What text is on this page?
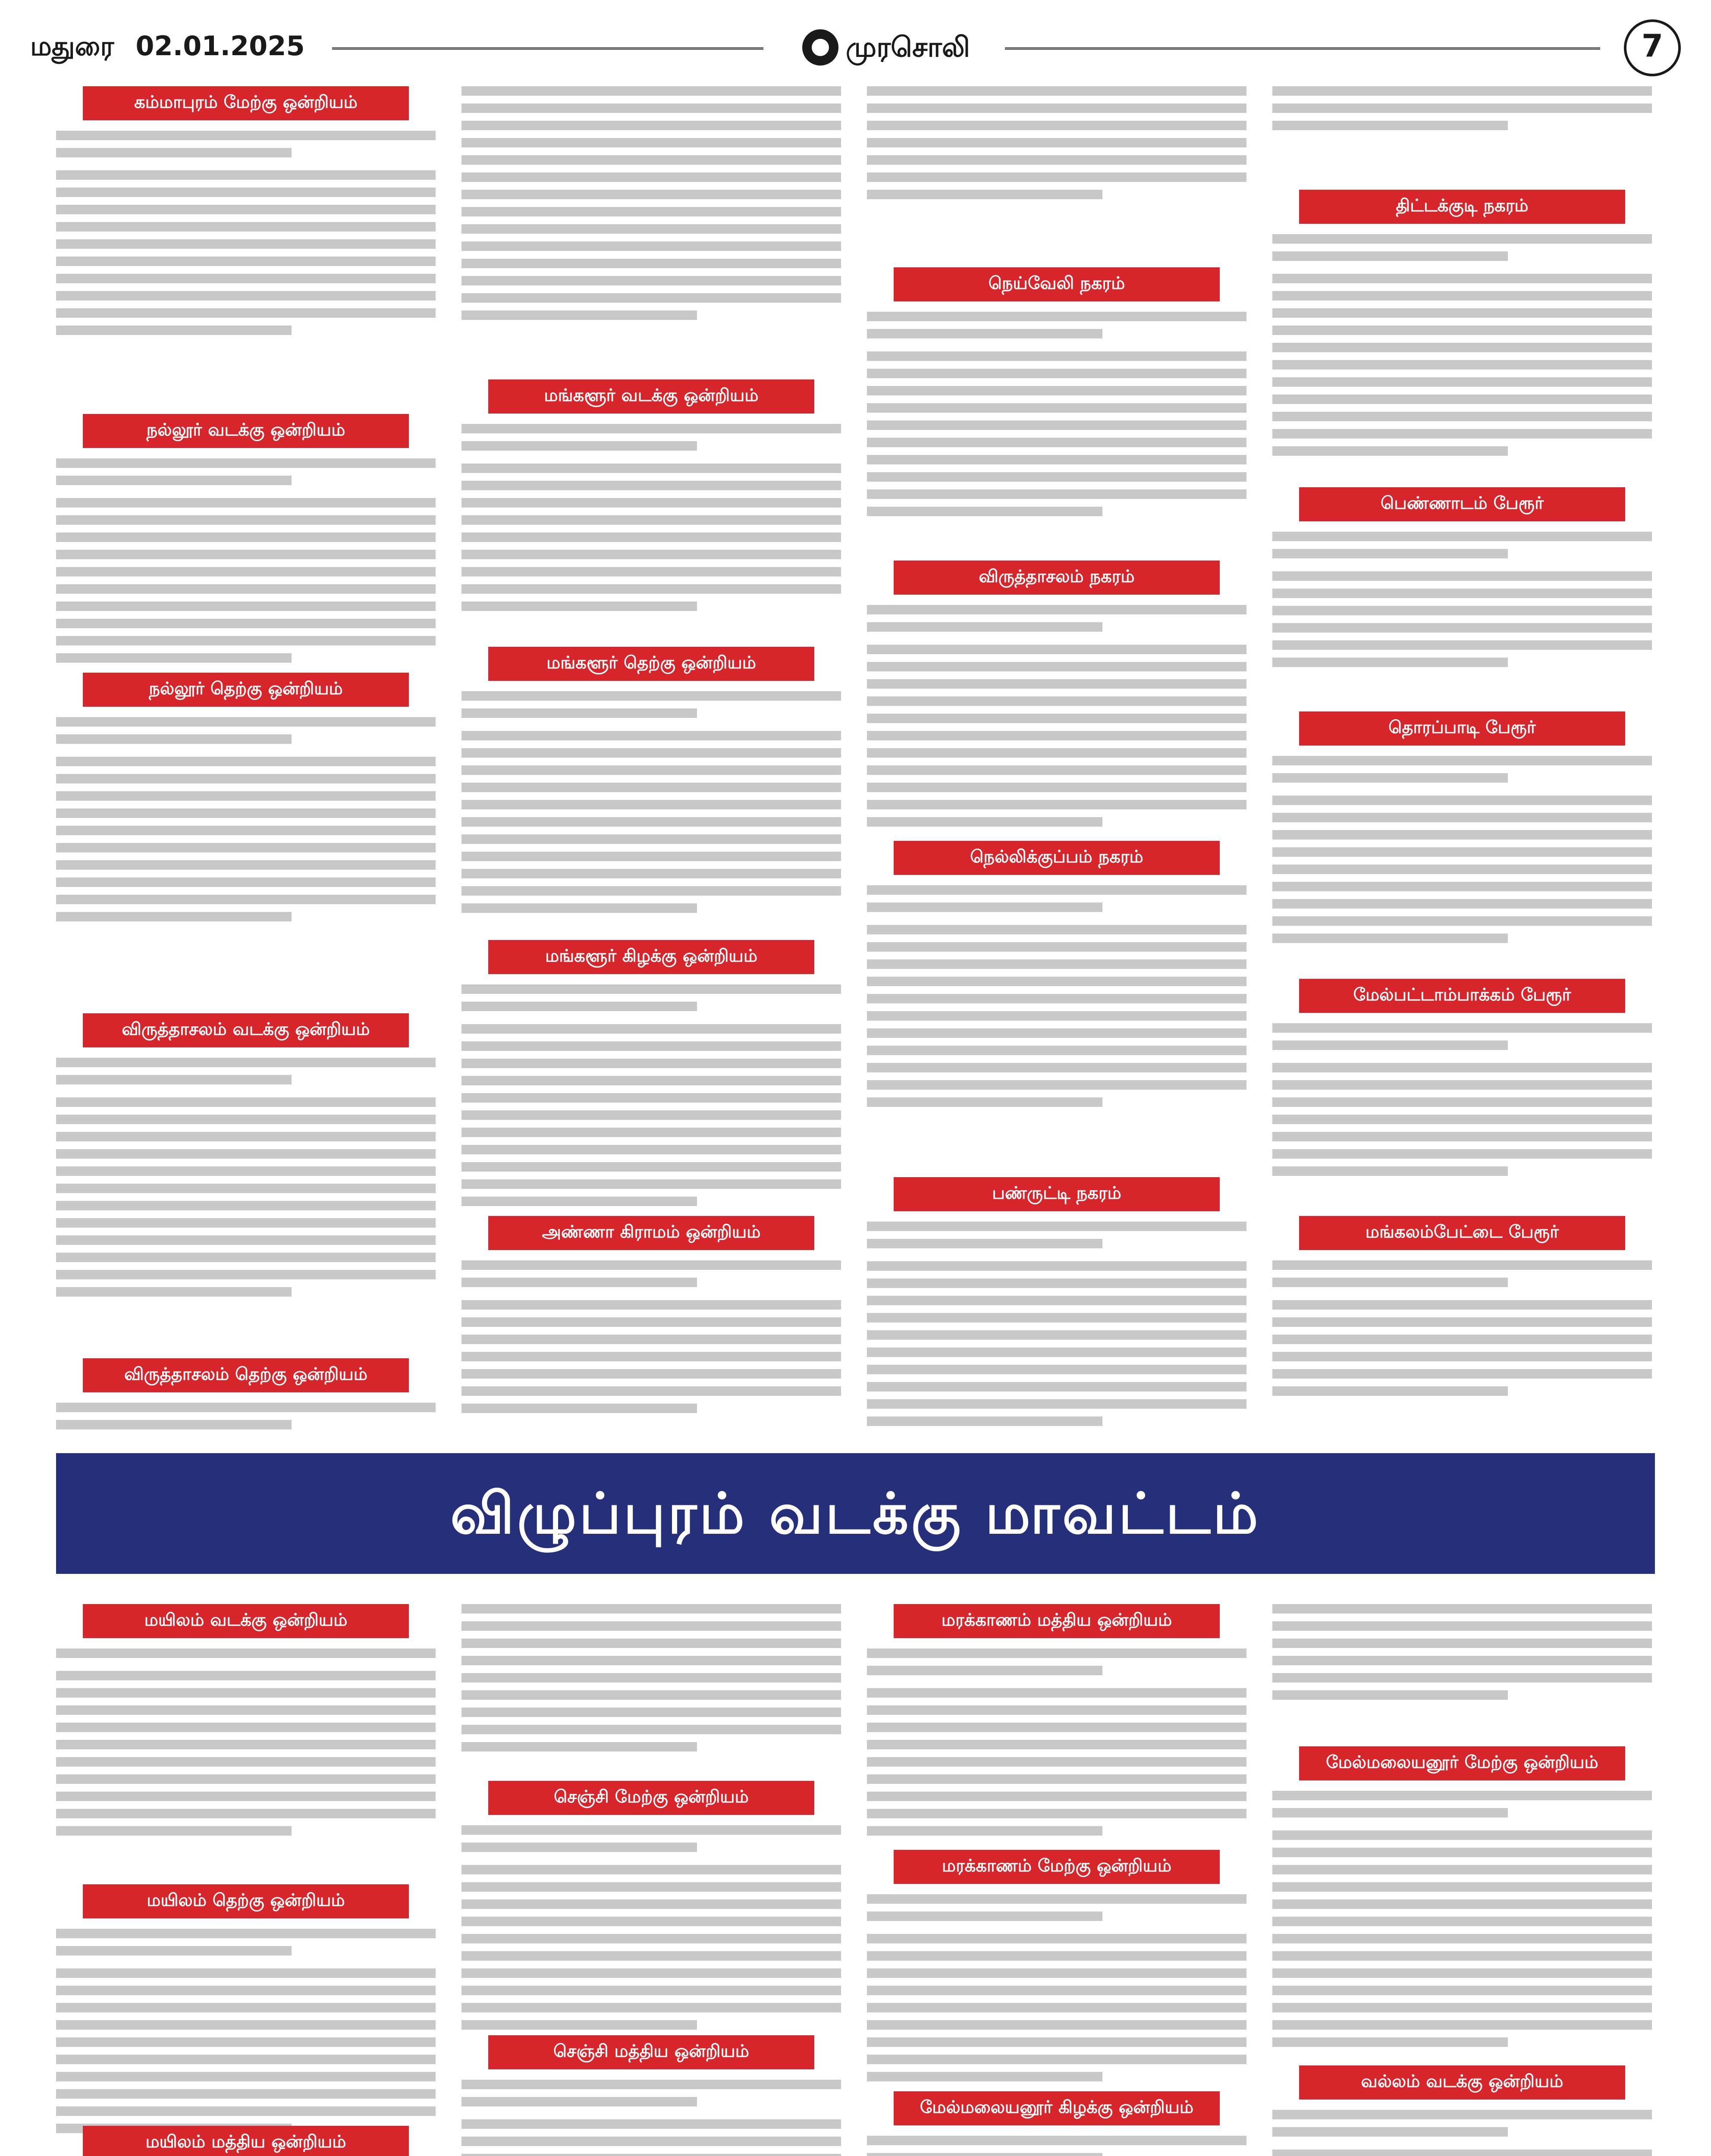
மதுரை 02.01.2025	முரசொலி	7
விழுப்புரம் வடக்கு மாவட்டம்
கம்மாபுரம் மேற்கு ஒன்றியம்
நல்லூர் வடக்கு ஒன்றியம்
நல்லூர் தெற்கு ஒன்றியம்
விருத்தாசலம் வடக்கு ஒன்றியம்
விருத்தாசலம் தெற்கு ஒன்றியம்
மங்களூர் வடக்கு ஒன்றியம்
மங்களூர் தெற்கு ஒன்றியம்
மங்களூர் கிழக்கு ஒன்றியம்
அண்ணா கிராமம் ஒன்றியம்
நெய்வேலி நகரம்
விருத்தாசலம் நகரம்
நெல்லிக்குப்பம் நகரம்
பண்ருட்டி நகரம்
திட்டக்குடி நகரம்
பெண்ணாடம் பேரூர்
தொரப்பாடி பேரூர்
மேல்பட்டாம்பாக்கம் பேரூர்
மங்கலம்பேட்டை பேரூர்
மயிலம் வடக்கு ஒன்றியம்
மயிலம் தெற்கு ஒன்றியம்
மயிலம் மத்திய ஒன்றியம்
செஞ்சி மேற்கு ஒன்றியம்
செஞ்சி மத்திய ஒன்றியம்
மரக்காணம் மத்திய ஒன்றியம்
மரக்காணம் மேற்கு ஒன்றியம்
மேல்மலையனூர் கிழக்கு ஒன்றியம்
மேல்மலையனூர் மேற்கு ஒன்றியம்
வல்லம் வடக்கு ஒன்றியம்
